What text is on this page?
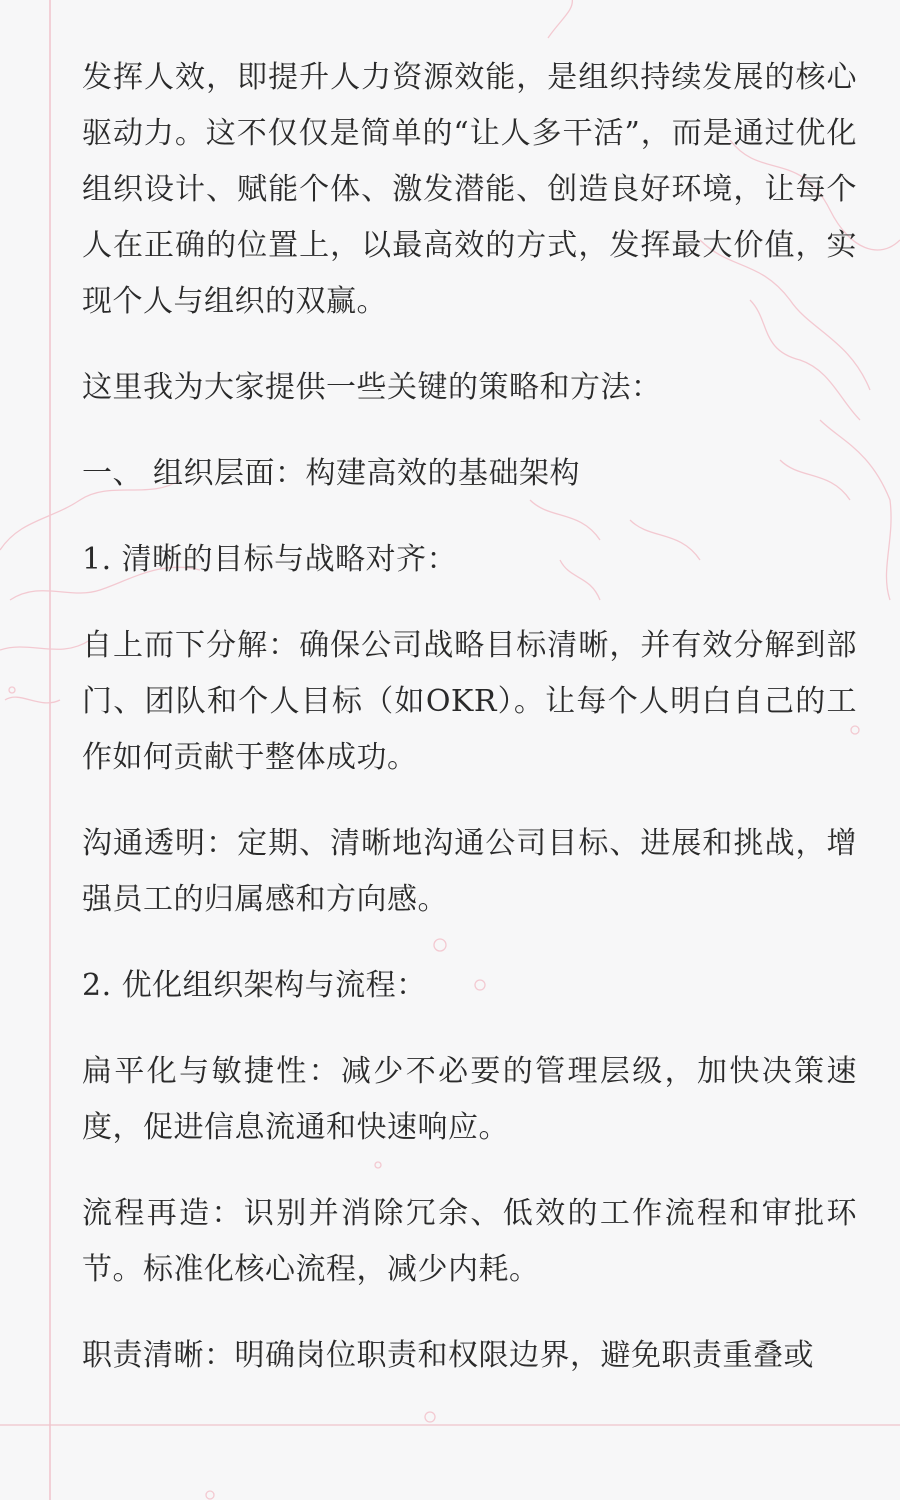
发挥人效，即提升人力资源效能，是组织持续发展的核心驱动力。这不仅仅是简单的“让人多干活”，而是通过优化组织设计、赋能个体、激发潜能、创造良好环境，让每个人在正确的位置上，以最高效的方式，发挥最大价值，实现个人与组织的双赢。

这里我为大家提供一些关键的策略和方法：

一、 组织层面：构建高效的基础架构

1. 清晰的目标与战略对齐：

自上而下分解：确保公司战略目标清晰，并有效分解到部门、团队和个人目标（如OKR）。让每个人明白自己的工作如何贡献于整体成功。

沟通透明：定期、清晰地沟通公司目标、进展和挑战，增强员工的归属感和方向感。

2. 优化组织架构与流程：

扁平化与敏捷性：减少不必要的管理层级，加快决策速度，促进信息流通和快速响应。

流程再造：识别并消除冗余、低效的工作流程和审批环节。标准化核心流程，减少内耗。

职责清晰：明确岗位职责和权限边界，避免职责重叠或
